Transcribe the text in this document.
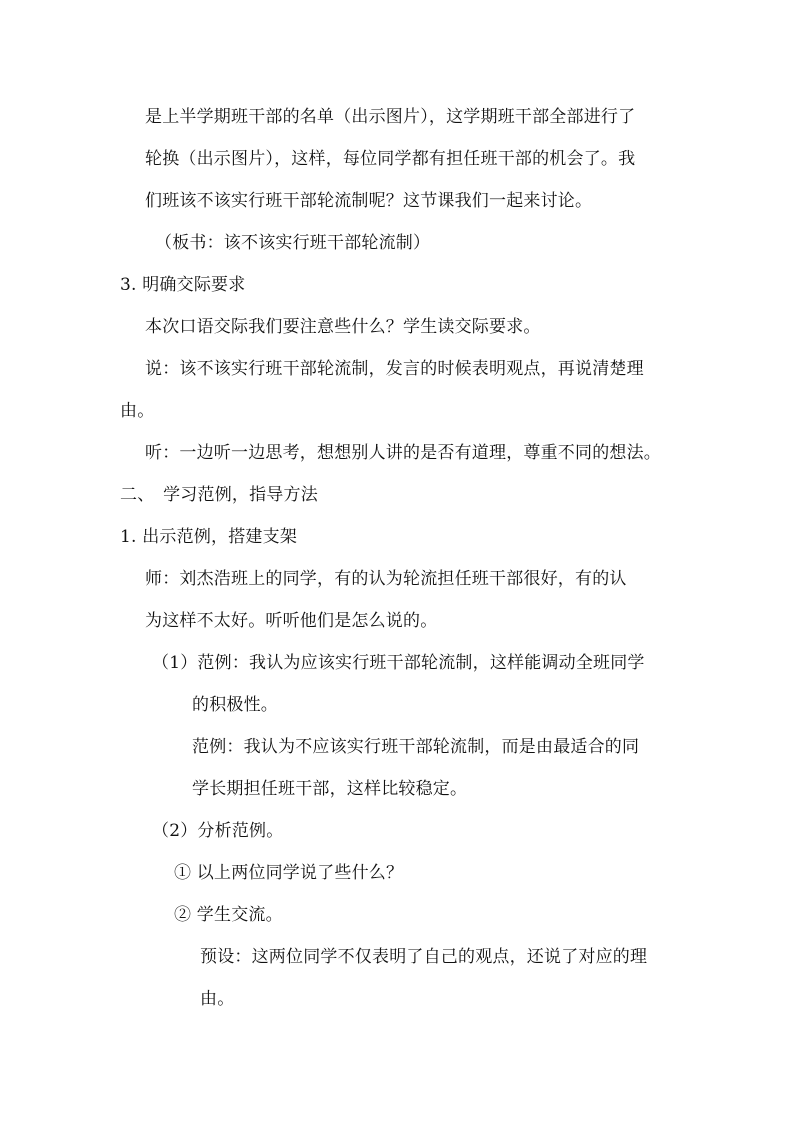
是上半学期班干部的名单（出示图片），这学期班干部全部进行了
轮换（出示图片），这样，每位同学都有担任班干部的机会了。我
们班该不该实行班干部轮流制呢？这节课我们一起来讨论。
（板书：该不该实行班干部轮流制）
3. 明确交际要求
本次口语交际我们要注意些什么？学生读交际要求。
说：该不该实行班干部轮流制，发言的时候表明观点，再说清楚理
由。
听：一边听一边思考，想想别人讲的是否有道理，尊重不同的想法。
二、　学习范例，指导方法
1. 出示范例，搭建支架
师：刘杰浩班上的同学，有的认为轮流担任班干部很好，有的认
为这样不太好。听听他们是怎么说的。
（1）范例：我认为应该实行班干部轮流制，这样能调动全班同学
的积极性。
范例：我认为不应该实行班干部轮流制，而是由最适合的同
学长期担任班干部，这样比较稳定。
（2）分析范例。
① 以上两位同学说了些什么？
② 学生交流。
预设：这两位同学不仅表明了自己的观点，还说了对应的理
由。
